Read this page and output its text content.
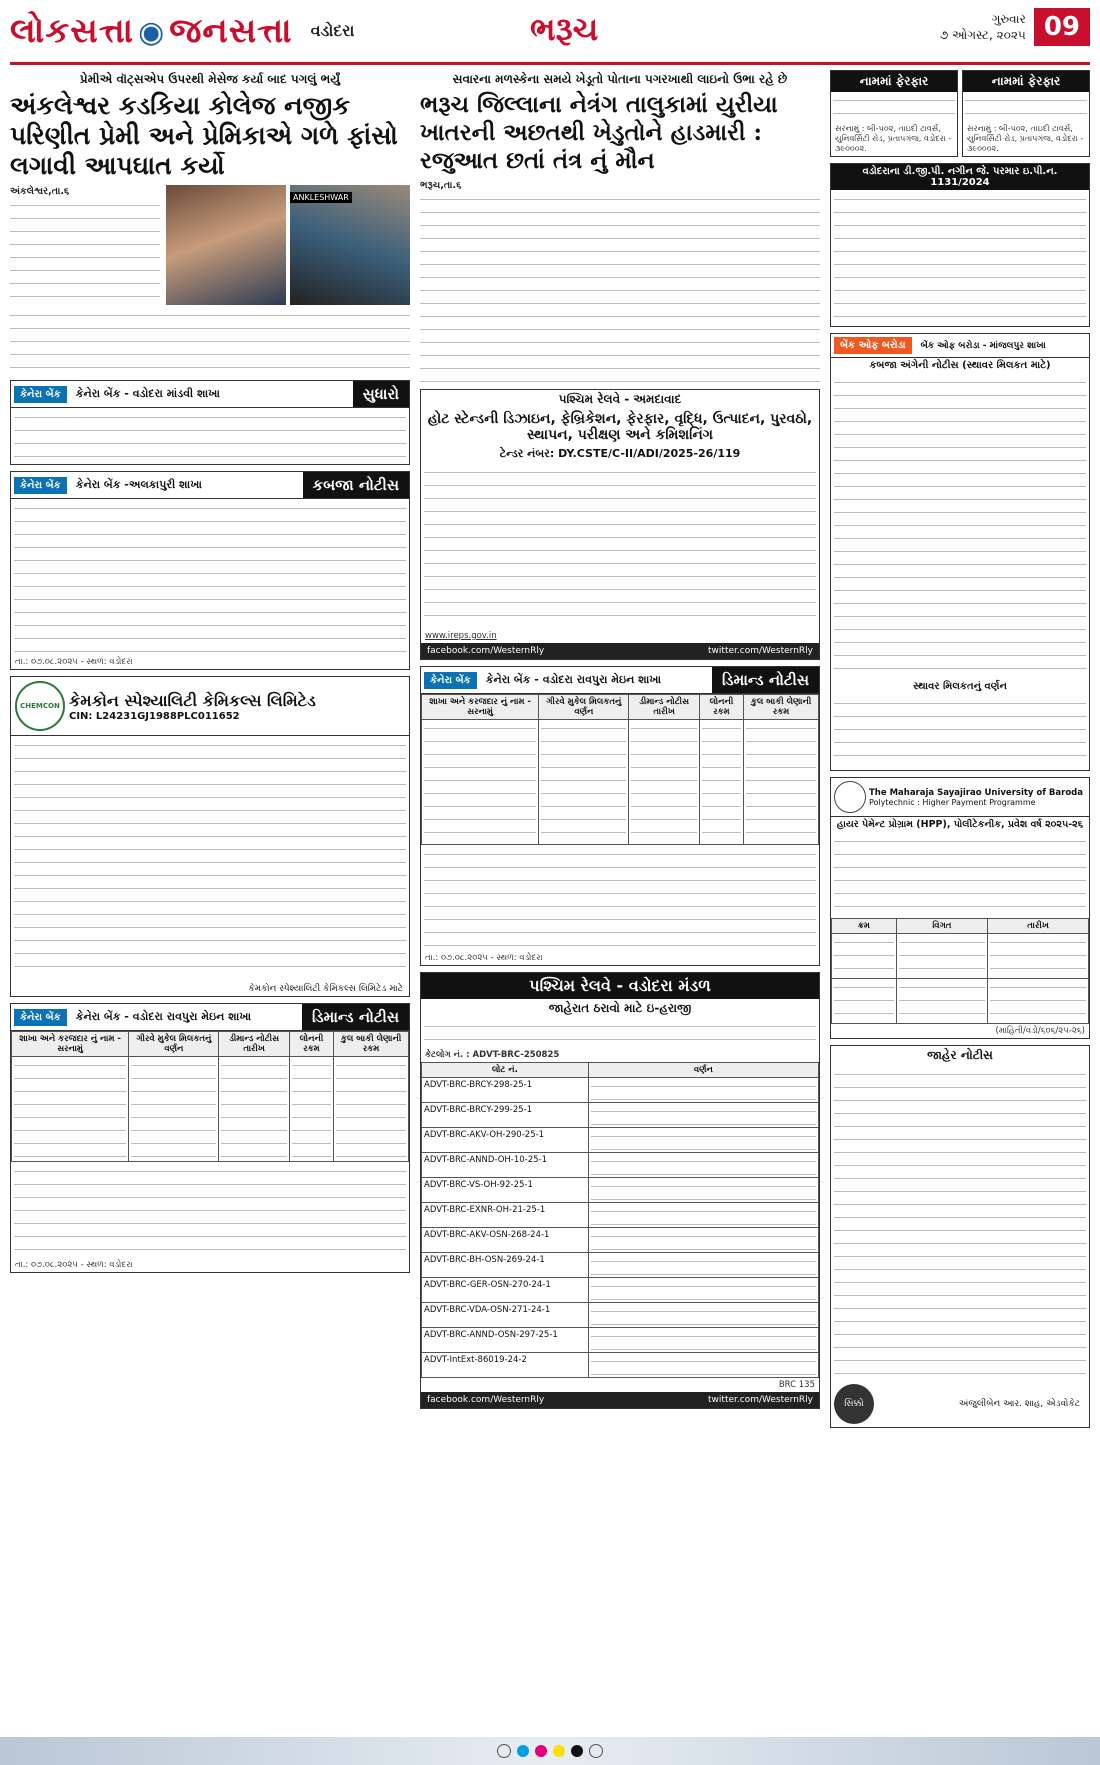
લોકસત્તા ◉ જનસત્તા વડોદરા	ભરૂચ	ગુરુવાર
૭ ઓગસ્ટ, ૨૦૨૫ 09
પ્રેમીએ વૉટ્સએપ ઉપરથી મેસેજ કર્યા બાદ પગલું ભર્યું
અંકલેશ્વર કડકિયા કોલેજ નજીક પરિણીત પ્રેમી અને પ્રેમિકાએ ગળે ફાંસો લગાવી આપઘાત કર્યો
અંકલેશ્વર,તા.૬
ANKLESHWAR
કેનેરા બેંક	કેનેરા બેંક - વડોદરા માંડવી શાખા	સુધારો
કેનેરા બેંક	કેનેરા બેંક -અલકાપુરી શાખા	કબજા નોટીસ
તા.: ૦૭.૦૮.૨૦૨૫ - સ્થળ: વડોદરા
CHEMCON કેમકોન સ્પેશ્યાલિટી કેમિકલ્સ લિમિટેડ
CIN: L24231GJ1988PLC011652
કેમકોન સ્પેશ્યાલિટી કેમિકલ્સ લિમિટેડ માટે
કેનેરા બેંક	કેનેરા બેંક - વડોદરા રાવપુરા મેઇન શાખા	ડિમાન્ડ નોટીસ
શાખા અને કરજદાર નું નામ - સરનામું	ગીરવે મુકેલ મિલકતનું વર્ણન	ડીમાન્ડ નોટીસ તારીખ	લોનની રકમ	કુલ બાકી લેણાની રકમ

તા.: ૦૭.૦૮.૨૦૨૫ - સ્થળ: વડોદરા
સવારના મળસ્કેના સમયે ખેડૂતો પોતાના પગરખાથી લાઇનો ઉભા રહે છે
ભરૂચ જિલ્લાના નેત્રંગ તાલુકામાં યુરીયા ખાતરની અછતથી ખેડુતોને હાડમારી : રજુઆત છતાં તંત્ર નું મૌન
ભરૂચ,તા.૬
પશ્ચિમ રેલવે - અમદાવાદ
હોટ સ્ટેન્ડની ડિઝાઇન, ફેબ્રિકેશન, ફેરફાર, વૃદ્ધિ, ઉત્પાદન, પુરવઠો, સ્થાપન, પરીક્ષણ અને કમિશનિંગ
ટેન્ડર નંબર: DY.CSTE/C-II/ADI/2025-26/119
www.ireps.gov.in
facebook.com/WesternRly	twitter.com/WesternRly
કેનેરા બેંક	કેનેરા બેંક - વડોદરા રાવપુરા મેઇન શાખા	ડિમાન્ડ નોટીસ
શાખા અને કરજદાર નું નામ - સરનામું	ગીરવે મુકેલ મિલકતનું વર્ણન	ડીમાન્ડ નોટીસ તારીખ	લોનની રકમ	કુલ બાકી લેણાની રકમ

તા.: ૦૭.૦૮.૨૦૨૫ - સ્થળ: વડોદરા
પશ્ચિમ રેલવે - વડોદરા મંડળ
જાહેરાત ઠરાવો માટે ઇ-હરાજી
કેટલોગ નં. : ADVT-BRC-250825
લોટ નં.	વર્ણન
ADVT-BRC-BRCY-298-25-1	

ADVT-BRC-BRCY-299-25-1	

ADVT-BRC-AKV-OH-290-25-1	

ADVT-BRC-ANND-OH-10-25-1	

ADVT-BRC-VS-OH-92-25-1	

ADVT-BRC-EXNR-OH-21-25-1	

ADVT-BRC-AKV-OSN-268-24-1	

ADVT-BRC-BH-OSN-269-24-1	

ADVT-BRC-GER-OSN-270-24-1	

ADVT-BRC-VDA-OSN-271-24-1	

ADVT-BRC-ANND-OSN-297-25-1	

ADVT-IntExt-86019-24-2	
BRC 135
facebook.com/WesternRly	twitter.com/WesternRly
નામમાં ફેરફાર
સરનામું : બી-૫૦૨, તાઇદી ટાવર્સ, યુનિવર્સિટી રોડ, પ્રતાપગંજ, વડોદરા - ૩૯૦૦૦૨.
નામમાં ફેરફાર
સરનામું : બી-૫૦૨, તાઇદી ટાવર્સ, યુનિવર્સિટી રોડ, પ્રતાપગંજ, વડોદરા - ૩૯૦૦૦૨.
વડોદરાના ડી.જી.પી. નગીન જે. પરમાર ઇ.પી.ન. 1131/2024
બેંક ઓફ બરોડા	બેંક ઓફ બરોડા - માંજલપુર શાખા
કબજા અંગેની નોટીસ (સ્થાવર મિલકત માટે)
સ્થાવર મિલકતનું વર્ણન
The Maharaja Sayajirao University of Baroda
Polytechnic : Higher Payment Programme
હાયર પેમેન્ટ પ્રોગ્રામ (HPP), પોલીટેકનીક, પ્રવેશ વર્ષ ૨૦૨૫-૨૬
ક્રમ	વિગત	તારીખ

(માહિતી/વડો/૬૦૬/૨૫-૨૬)
જાહેર નોટીસ
સિક્કો	અંજુલીબેન આર. શાહ, એડવોકેટ
